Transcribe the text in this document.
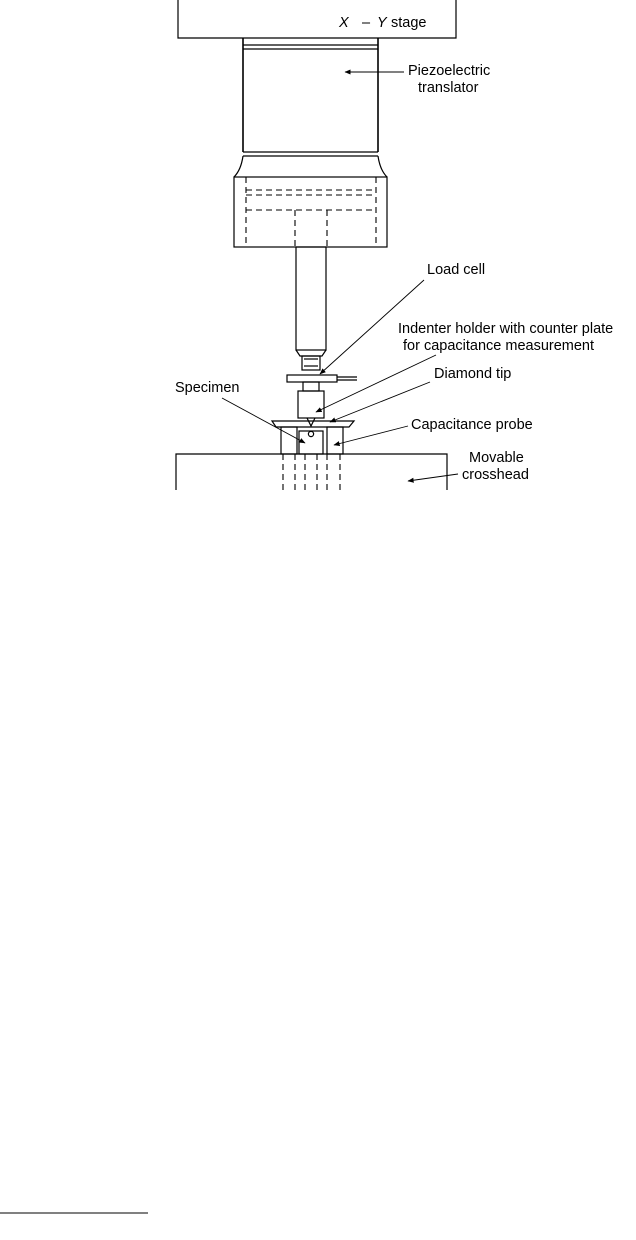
X – Y stage
Piezoelectric
translator
Load cell
Indenter holder with counter plate
for capacitance measurement
Diamond tip
Specimen
Capacitance probe
Movable
crosshead
